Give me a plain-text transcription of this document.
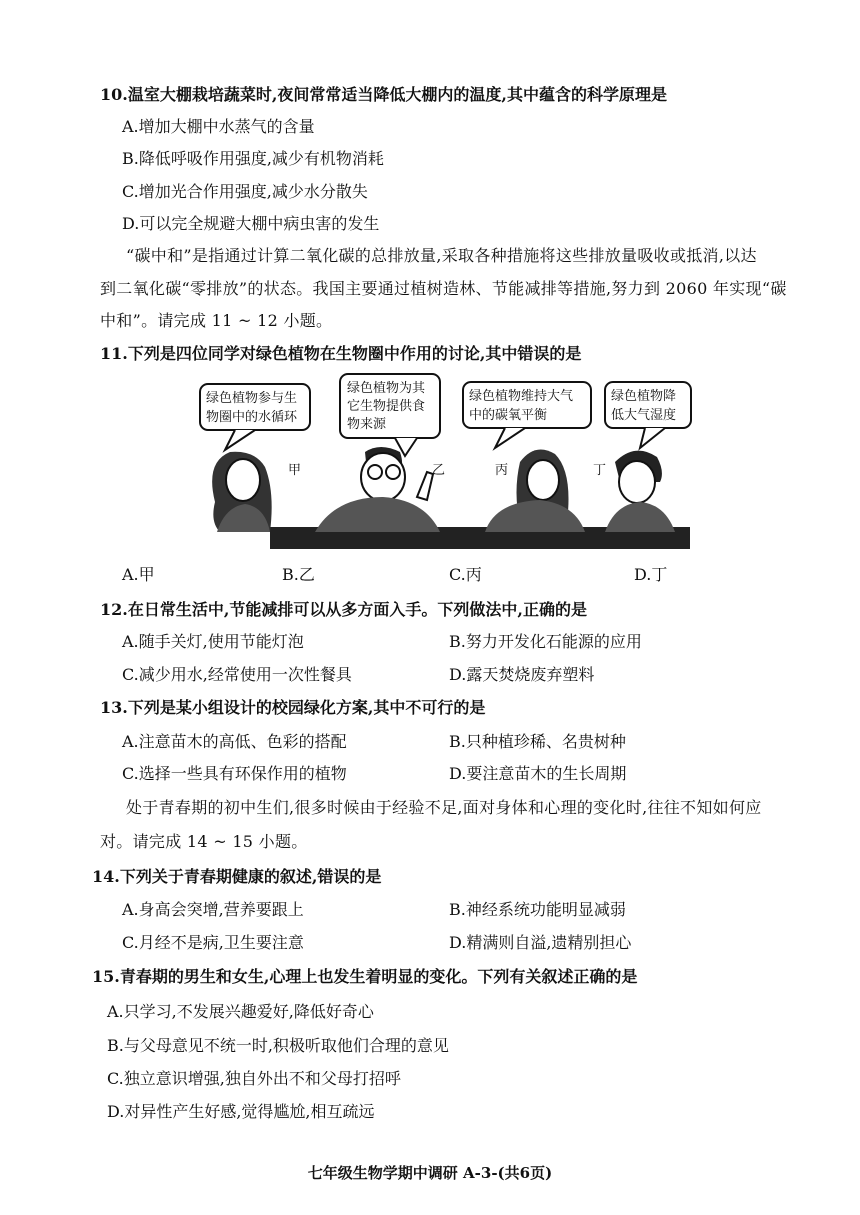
10.温室大棚栽培蔬菜时,夜间常常适当降低大棚内的温度,其中蕴含的科学原理是
A.增加大棚中水蒸气的含量
B.降低呼吸作用强度,减少有机物消耗
C.增加光合作用强度,减少水分散失
D.可以完全规避大棚中病虫害的发生
“碳中和”是指通过计算二氧化碳的总排放量,采取各种措施将这些排放量吸收或抵消,以达
到二氧化碳“零排放”的状态。我国主要通过植树造林、节能减排等措施,努力到 2060 年实现“碳
中和”。请完成 11 ~ 12 小题。
11.下列是四位同学对绿色植物在生物圈中作用的讨论,其中错误的是
绿色植物参与生
物圈中的水循环
绿色植物为其
它生物提供食
物来源
绿色植物维持大气
中的碳氧平衡
绿色植物降
低大气湿度
甲	乙	丙	丁
A.甲	B.乙	C.丙	D.丁
12.在日常生活中,节能减排可以从多方面入手。下列做法中,正确的是
A.随手关灯,使用节能灯泡	B.努力开发化石能源的应用
C.减少用水,经常使用一次性餐具	D.露天焚烧废弃塑料
13.下列是某小组设计的校园绿化方案,其中不可行的是
A.注意苗木的高低、色彩的搭配	B.只种植珍稀、名贵树种
C.选择一些具有环保作用的植物	D.要注意苗木的生长周期
处于青春期的初中生们,很多时候由于经验不足,面对身体和心理的变化时,往往不知如何应
对。请完成 14 ~ 15 小题。
14.下列关于青春期健康的叙述,错误的是
A.身高会突增,营养要跟上	B.神经系统功能明显减弱
C.月经不是病,卫生要注意	D.精满则自溢,遗精别担心
15.青春期的男生和女生,心理上也发生着明显的变化。下列有关叙述正确的是
A.只学习,不发展兴趣爱好,降低好奇心
B.与父母意见不统一时,积极听取他们合理的意见
C.独立意识增强,独自外出不和父母打招呼
D.对异性产生好感,觉得尴尬,相互疏远
七年级生物学期中调研 A-3-(共6页)
